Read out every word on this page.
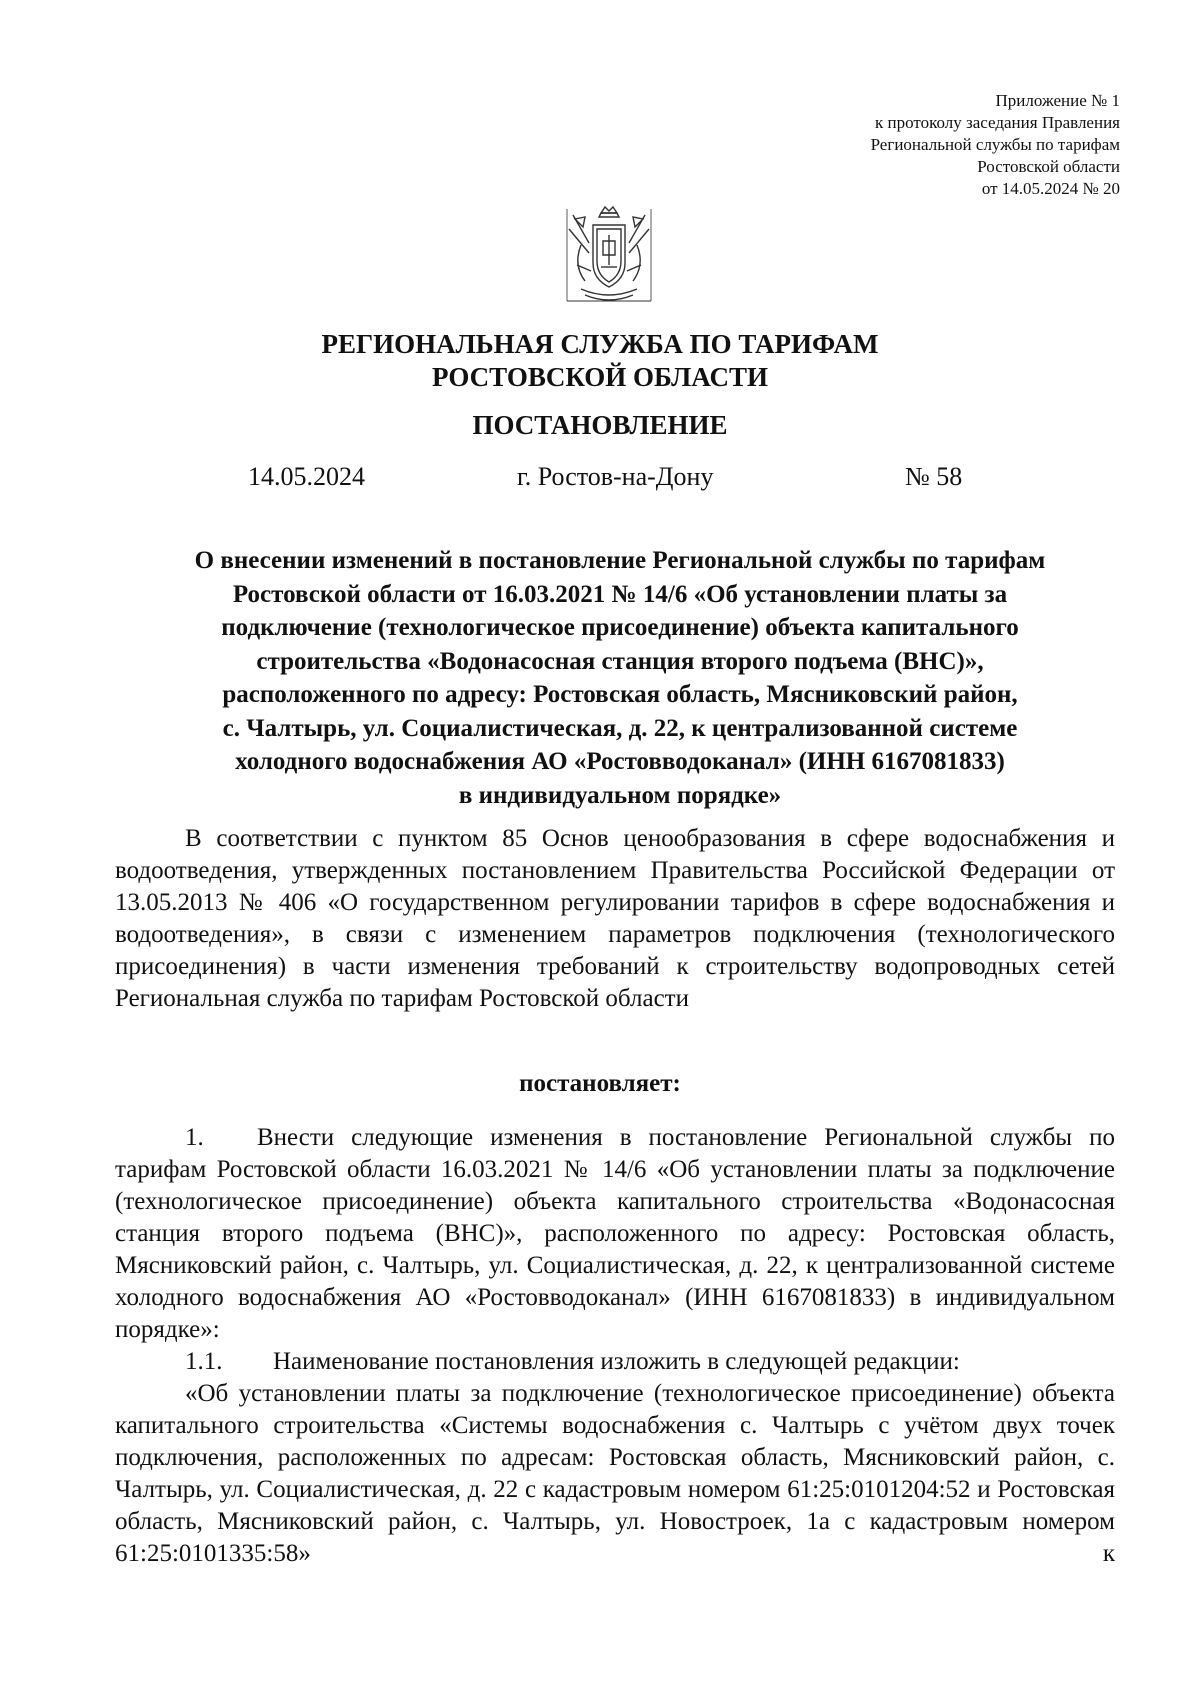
Приложение № 1
к протоколу заседания Правления
Региональной службы по тарифам
Ростовской области
от 14.05.2024 № 20
РЕГИОНАЛЬНАЯ СЛУЖБА ПО ТАРИФАМ
РОСТОВСКОЙ ОБЛАСТИ
ПОСТАНОВЛЕНИЕ
14.05.2024	г. Ростов-на-Дону	№ 58
О внесении изменений в постановление Региональной службы по тарифам
Ростовской области от 16.03.2021 № 14/6 «Об установлении платы за
подключение (технологическое присоединение) объекта капитального
строительства «Водонасосная станция второго подъема (ВНС)»,
расположенного по адресу: Ростовская область, Мясниковский район,
с. Чалтырь, ул. Социалистическая, д. 22, к централизованной системе
холодного водоснабжения АО «Ростовводоканал» (ИНН 6167081833)
в индивидуальном порядке»

В соответствии с пунктом 85 Основ ценообразования в сфере водоснабжения и водоотведения, утвержденных постановлением Правительства Российской Федерации от 13.05.2013 № 406 «О государственном регулировании тарифов в сфере водоснабжения и водоотведения», в связи с изменением параметров подключения (технологического присоединения) в части изменения требований к строительству водопроводных сетей Региональная служба по тарифам Ростовской области

постановляет:

1. Внести следующие изменения в постановление Региональной службы по тарифам Ростовской области 16.03.2021 № 14/6 «Об установлении платы за подключение (технологическое присоединение) объекта капитального строительства «Водонасосная станция второго подъема (ВНС)», расположенного по адресу: Ростовская область, Мясниковский район, с. Чалтырь, ул. Социалистическая, д. 22, к централизованной системе холодного водоснабжения АО «Ростовводоканал» (ИНН 6167081833) в индивидуальном порядке»:

1.1. Наименование постановления изложить в следующей редакции:

«Об установлении платы за подключение (технологическое присоединение) объекта капитального строительства «Системы водоснабжения с. Чалтырь с учётом двух точек подключения, расположенных по адресам: Ростовская область, Мясниковский район, с. Чалтырь, ул. Социалистическая, д. 22 с кадастровым номером 61:25:0101204:52 и Ростовская область, Мясниковский район, с. Чалтырь, ул. Новостроек, 1а с кадастровым номером 61:25:0101335:58» к
